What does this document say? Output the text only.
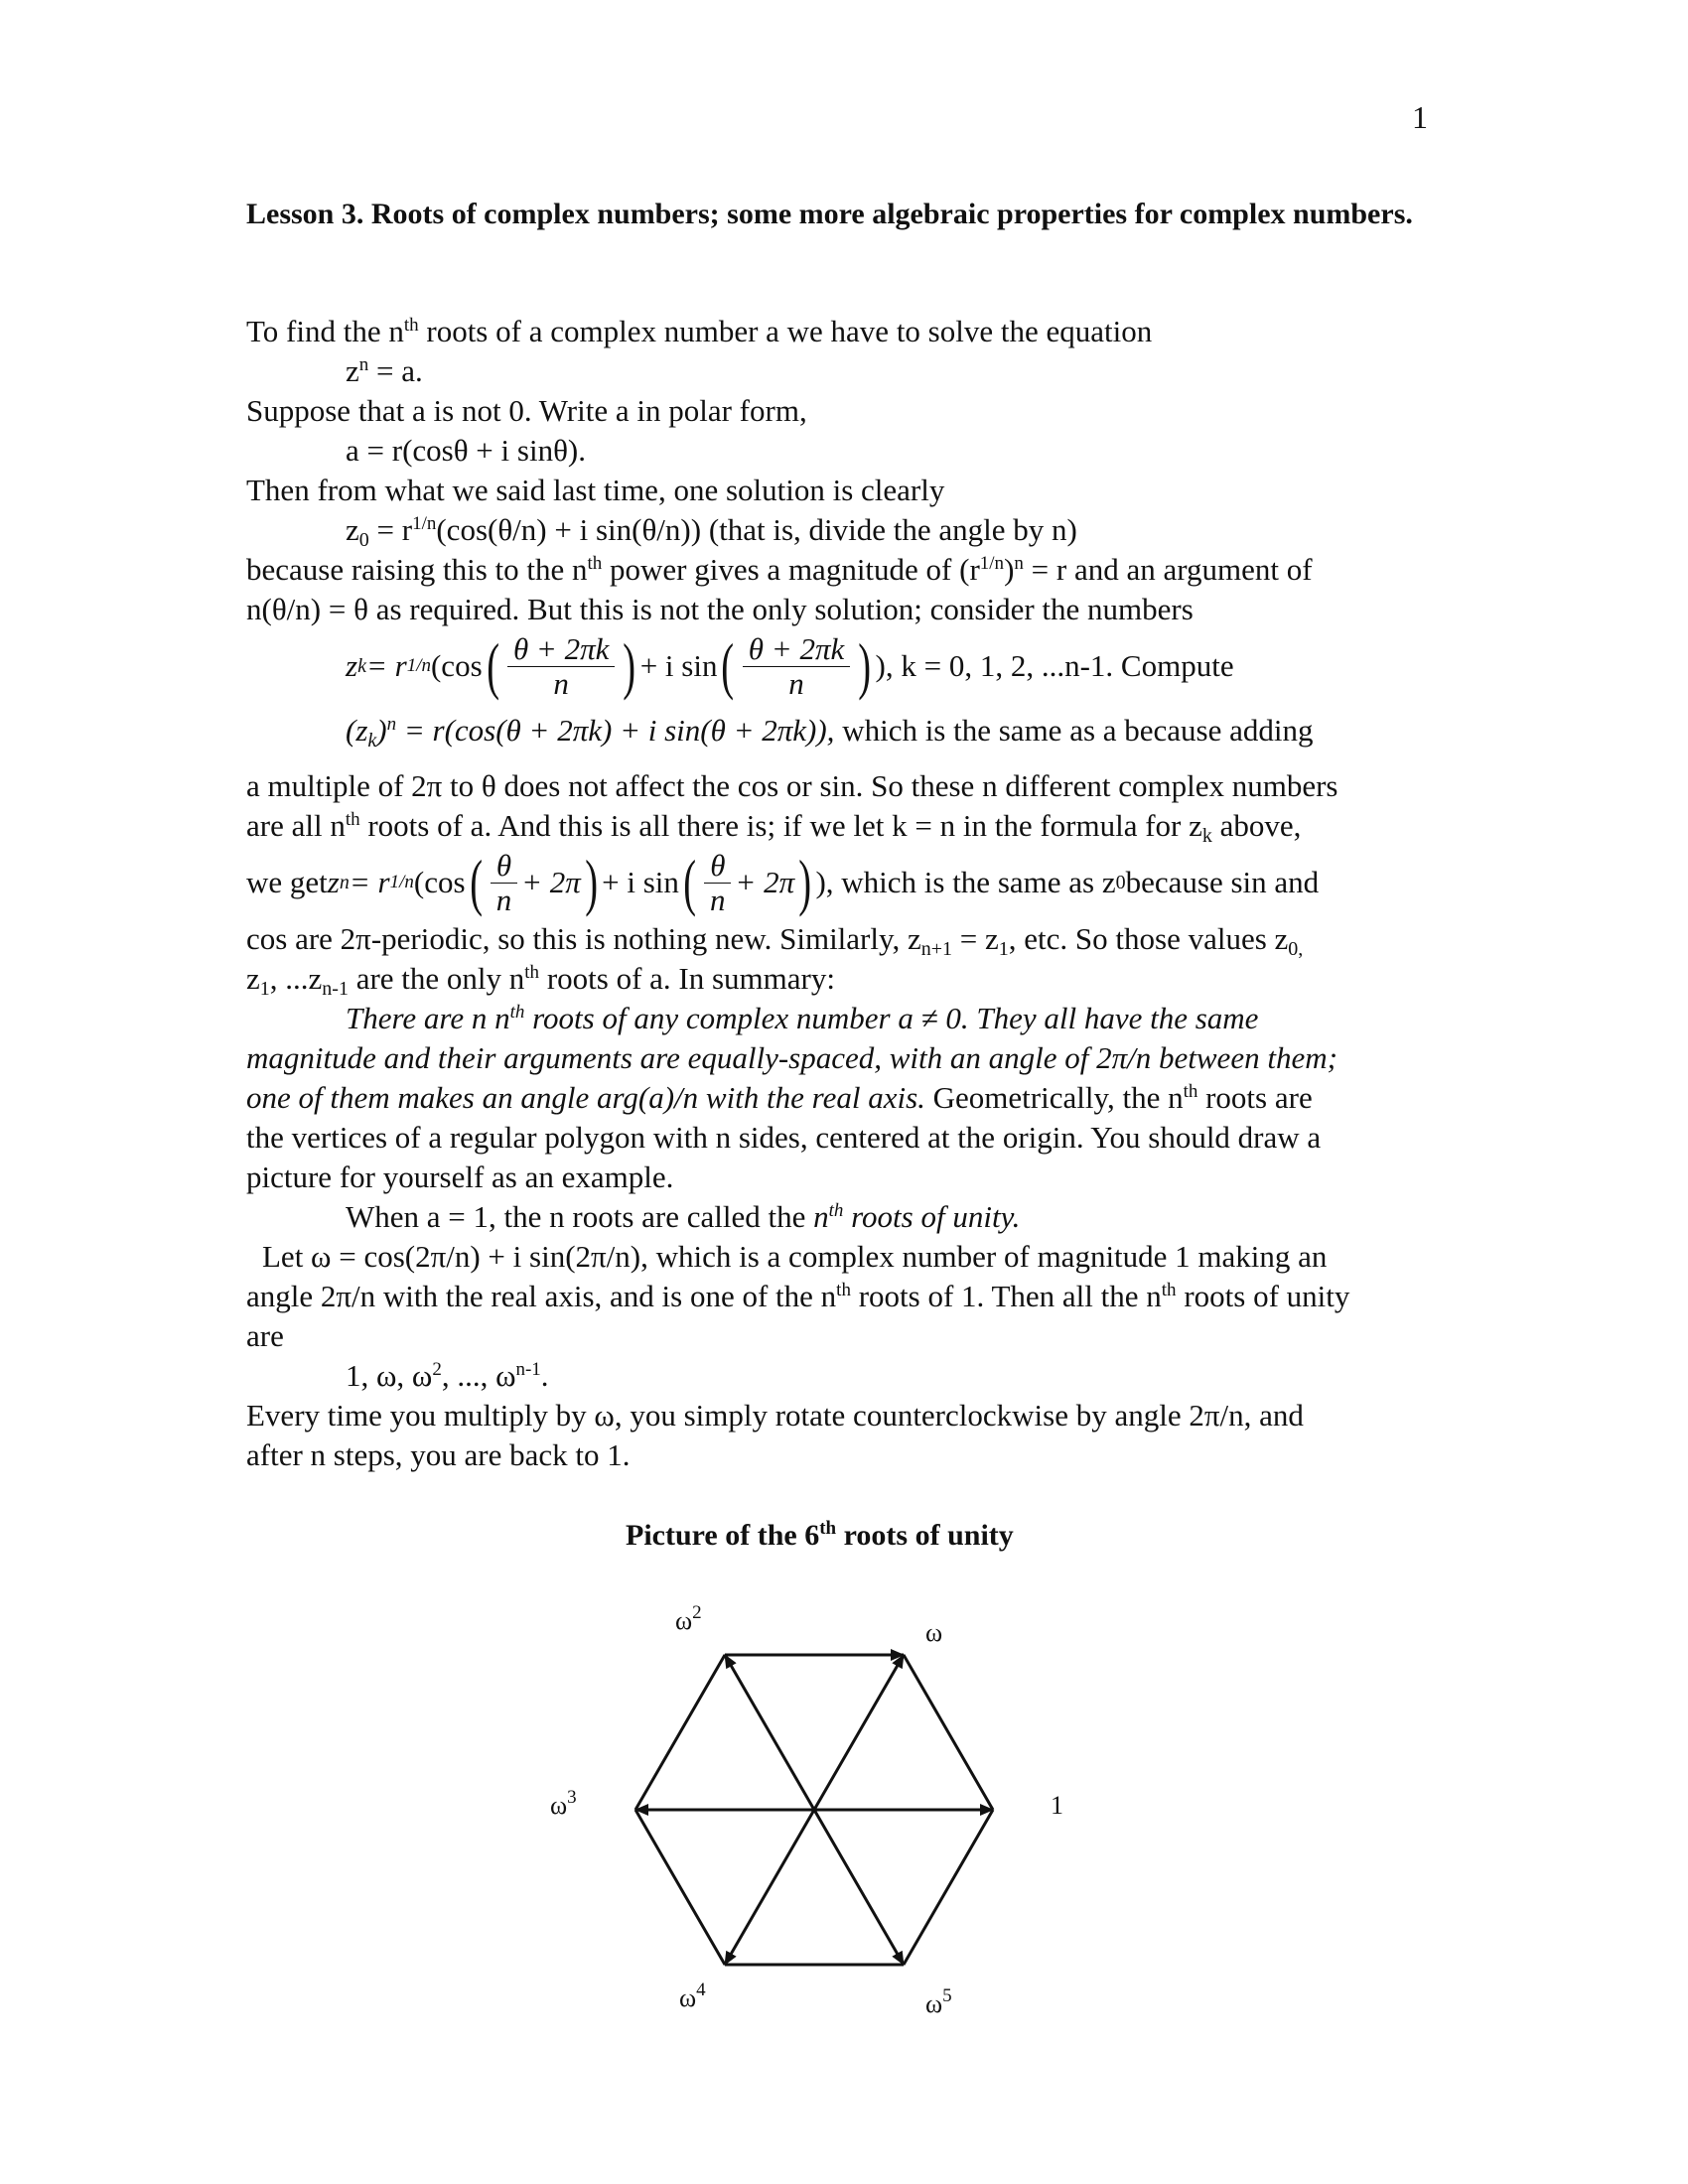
1
Lesson 3. Roots of complex numbers; some more algebraic properties for complex numbers.
To find the $n^{th}$ roots of a complex number a we have to solve the equation
$z^n = a$.
Suppose that a is not 0. Write a in polar form,
a = r(cosθ + i sinθ).
Then from what we said last time, one solution is clearly
$z_0 = r^{1/n}(\cos(\theta/n) + i$ sin(θ/n)) (that is, divide the angle by n)
because raising this to the $n^{th}$ power gives a magnitude of $(r^{1/n})^n = r$ and an argument of
n(θ/n) = θ as required. But this is not the only solution; consider the numbers
z k = r 1/n (cos ( $\frac{\theta + 2\pi k}{n}$ ) + i sin ( $\frac{\theta + 2\pi k}{n}$ ) ), k = 0, 1, 2, ...n-1. Compute
$(z_k)^n = r(\cos(\theta + 2\pi k) + i$ sin(θ + 2πk)), which is the same as a because adding
a multiple of 2π to θ does not affect the cos or sin. So these n different complex numbers
are all $n^{th}$ roots of a. And this is all there is; if we let k = n in the formula for $z_k$ above,
we get z n = r 1/n (cos ( $\frac{\theta}{n} + 2\pi$ ) + i sin ( $\frac{\theta}{n} + 2\pi$ ) ), which is the same as z 0 because sin and
cos are 2π-periodic, so this is nothing new. Similarly, $z_{n+1} = z_1$, etc. So those values $z_{0,}$
$z_1$, $...z_{n-1}$ are the only $n^{th}$ roots of a. In summary:
There are n $n^{th}$ roots of any complex number a ≠ 0. They all have the same
magnitude and their arguments are equally-spaced, with an angle of 2π/n between them;
one of them makes an angle arg(a)/n with the real axis. Geometrically, the $n^{th}$ roots are
the vertices of a regular polygon with n sides, centered at the origin. You should draw a
picture for yourself as an example.
When a = 1, the n roots are called the $n^{th}$ roots of unity.
Let ω = cos(2π/n) + i sin(2π/n), which is a complex number of magnitude 1 making an
angle 2π/n with the real axis, and is one of the $n^{th}$ roots of 1. Then all the $n^{th}$ roots of unity
are
1, ω, $\omega^2$, ..., $\omega^{n-1}$.
Every time you multiply by ω, you simply rotate counterclockwise by angle 2π/n, and
after n steps, you are back to 1.
Picture of the 6th roots of unity
$\omega^2$
ω
$\omega^3$	1
$\omega^4$	$\omega^5$
